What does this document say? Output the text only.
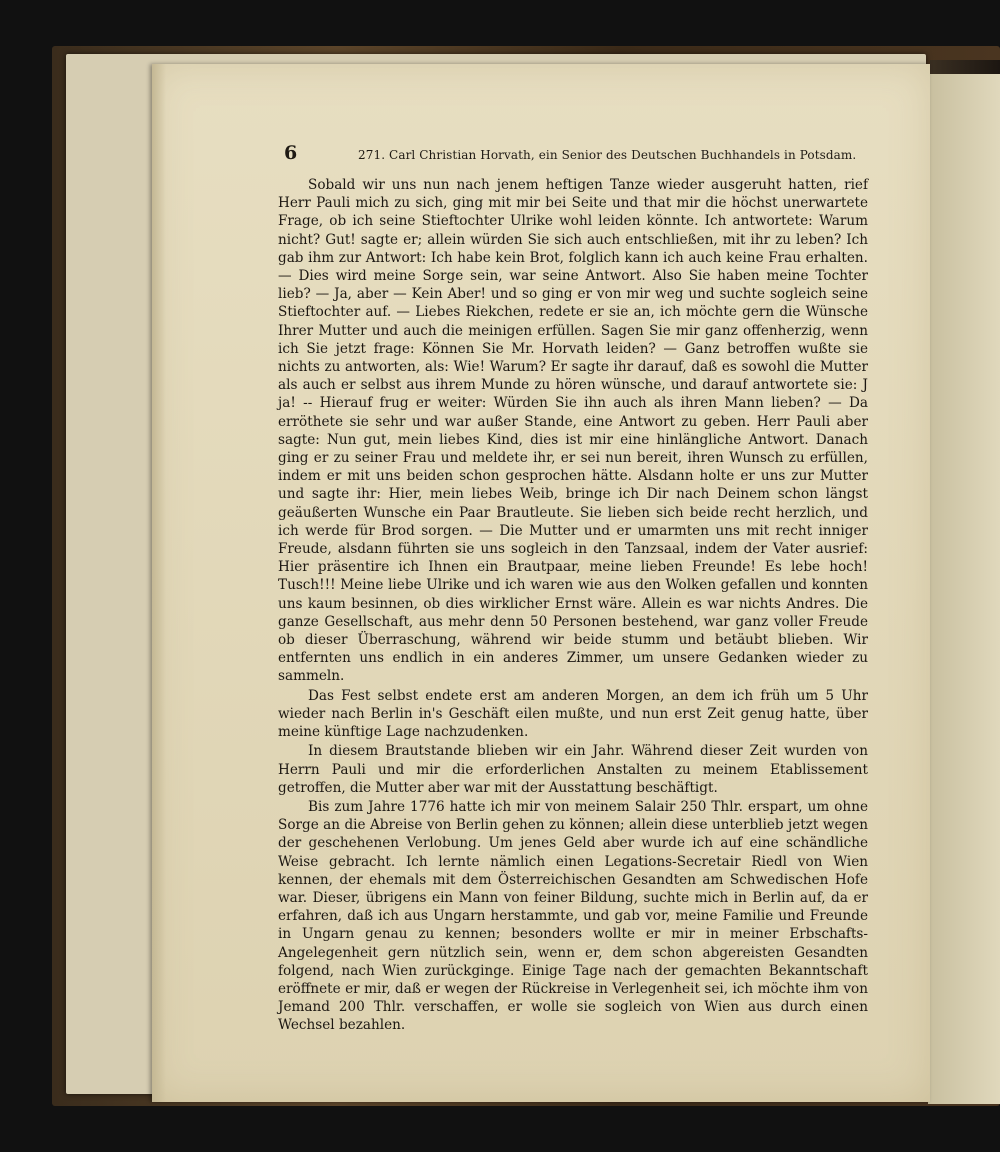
6	271. Carl Christian Horvath, ein Senior des Deutschen Buchhandels in Potsdam.

Sobald wir uns nun nach jenem heftigen Tanze wieder ausgeruht hatten, rief Herr Pauli mich zu sich, ging mit mir bei Seite und that mir die höchst unerwartete Frage, ob ich seine Stieftochter Ulrike wohl leiden könnte. Ich antwortete: Warum nicht? Gut! sagte er; allein würden Sie sich auch entschließen, mit ihr zu leben? Ich gab ihm zur Antwort: Ich habe kein Brot, folglich kann ich auch keine Frau erhalten. — Dies wird meine Sorge sein, war seine Antwort. Also Sie haben meine Tochter lieb? — Ja, aber — Kein Aber! und so ging er von mir weg und suchte sogleich seine Stieftochter auf. — Liebes Riekchen, redete er sie an, ich möchte gern die Wünsche Ihrer Mutter und auch die meinigen erfüllen. Sagen Sie mir ganz offenherzig, wenn ich Sie jetzt frage: Können Sie Mr. Horvath leiden? — Ganz betroffen wußte sie nichts zu antworten, als: Wie! Warum? Er sagte ihr darauf, daß es sowohl die Mutter als auch er selbst aus ihrem Munde zu hören wünsche, und darauf antwortete sie: J ja! -- Hierauf frug er weiter: Würden Sie ihn auch als ihren Mann lieben? — Da erröthete sie sehr und war außer Stande, eine Antwort zu geben. Herr Pauli aber sagte: Nun gut, mein liebes Kind, dies ist mir eine hinlängliche Antwort. Danach ging er zu seiner Frau und meldete ihr, er sei nun bereit, ihren Wunsch zu erfüllen, indem er mit uns beiden schon gesprochen hätte. Alsdann holte er uns zur Mutter und sagte ihr: Hier, mein liebes Weib, bringe ich Dir nach Deinem schon längst geäußerten Wunsche ein Paar Brautleute. Sie lieben sich beide recht herzlich, und ich werde für Brod sorgen. — Die Mutter und er umarmten uns mit recht inniger Freude, alsdann führten sie uns sogleich in den Tanzsaal, indem der Vater ausrief: Hier präsentire ich Ihnen ein Brautpaar, meine lieben Freunde! Es lebe hoch! Tusch!!! Meine liebe Ulrike und ich waren wie aus den Wolken gefallen und konnten uns kaum besinnen, ob dies wirklicher Ernst wäre. Allein es war nichts Andres. Die ganze Gesellschaft, aus mehr denn 50 Personen bestehend, war ganz voller Freude ob dieser Überraschung, während wir beide stumm und betäubt blieben. Wir entfernten uns endlich in ein anderes Zimmer, um unsere Gedanken wieder zu sammeln.

Das Fest selbst endete erst am anderen Morgen, an dem ich früh um 5 Uhr wieder nach Berlin in's Geschäft eilen mußte, und nun erst Zeit genug hatte, über meine künftige Lage nachzudenken.

In diesem Brautstande blieben wir ein Jahr. Während dieser Zeit wurden von Herrn Pauli und mir die erforderlichen Anstalten zu meinem Etablissement getroffen, die Mutter aber war mit der Ausstattung beschäftigt.

Bis zum Jahre 1776 hatte ich mir von meinem Salair 250 Thlr. erspart, um ohne Sorge an die Abreise von Berlin gehen zu können; allein diese unterblieb jetzt wegen der geschehenen Verlobung. Um jenes Geld aber wurde ich auf eine schändliche Weise gebracht. Ich lernte nämlich einen Legations-Secretair Riedl von Wien kennen, der ehemals mit dem Österreichischen Gesandten am Schwedischen Hofe war. Dieser, übrigens ein Mann von feiner Bildung, suchte mich in Berlin auf, da er erfahren, daß ich aus Ungarn herstammte, und gab vor, meine Familie und Freunde in Ungarn genau zu kennen; besonders wollte er mir in meiner Erbschafts-Angelegenheit gern nützlich sein, wenn er, dem schon abgereisten Gesandten folgend, nach Wien zurückginge. Einige Tage nach der gemachten Bekanntschaft eröffnete er mir, daß er wegen der Rückreise in Verlegenheit sei, ich möchte ihm von Jemand 200 Thlr. verschaffen, er wolle sie sogleich von Wien aus durch einen Wechsel bezahlen.
